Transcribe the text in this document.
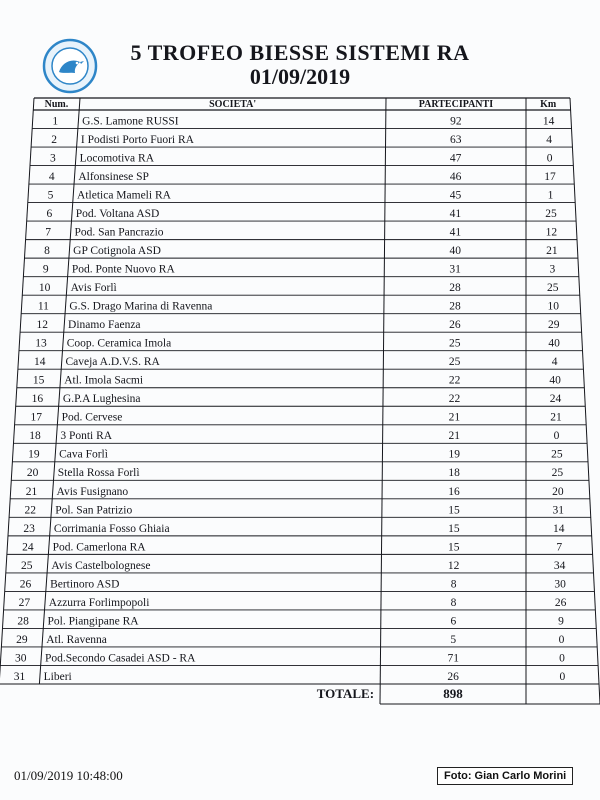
5 TROFEO BIESSE SISTEMI RA
01/09/2019
Num.	SOCIETA'	PARTECIPANTI	Km
1 G.S. Lamone RUSSI	92	14
2 I Podisti Porto Fuori RA	63	4
3 Locomotiva RA	47	0
4 Alfonsinese SP	46	17
5 Atletica Mameli RA	45	1
6 Pod. Voltana ASD	41	25
7 Pod. San Pancrazio	41	12
8 GP Cotignola ASD	40	21
9 Pod. Ponte Nuovo RA	31	3
10 Avis Forlì	28	25
11 G.S. Drago Marina di Ravenna	28	10
12 Dinamo Faenza	26	29
13 Coop. Ceramica Imola	25	40
14 Caveja A.D.V.S. RA	25	4
15 Atl. Imola Sacmi	22	40
16 G.P.A Lughesina	22	24
17 Pod. Cervese	21	21
18 3 Ponti RA	21	0
19 Cava Forlì	19	25
20 Stella Rossa Forlì	18	25
21 Avis Fusignano	16	20
22 Pol. San Patrizio	15	31
23 Corrimania Fosso Ghiaia	15	14
24 Pod. Camerlona RA	15	7
25 Avis Castelbolognese	12	34
26 Bertinoro ASD	8	30
27 Azzurra Forlimpopoli	8	26
28 Pol. Piangipane RA	6	9
29 Atl. Ravenna	5	0
30 Pod.Secondo Casadei ASD - RA	71	0
31 Liberi	26	0
TOTALE:	898
01/09/2019 10:48:00	Foto: Gian Carlo Morini
